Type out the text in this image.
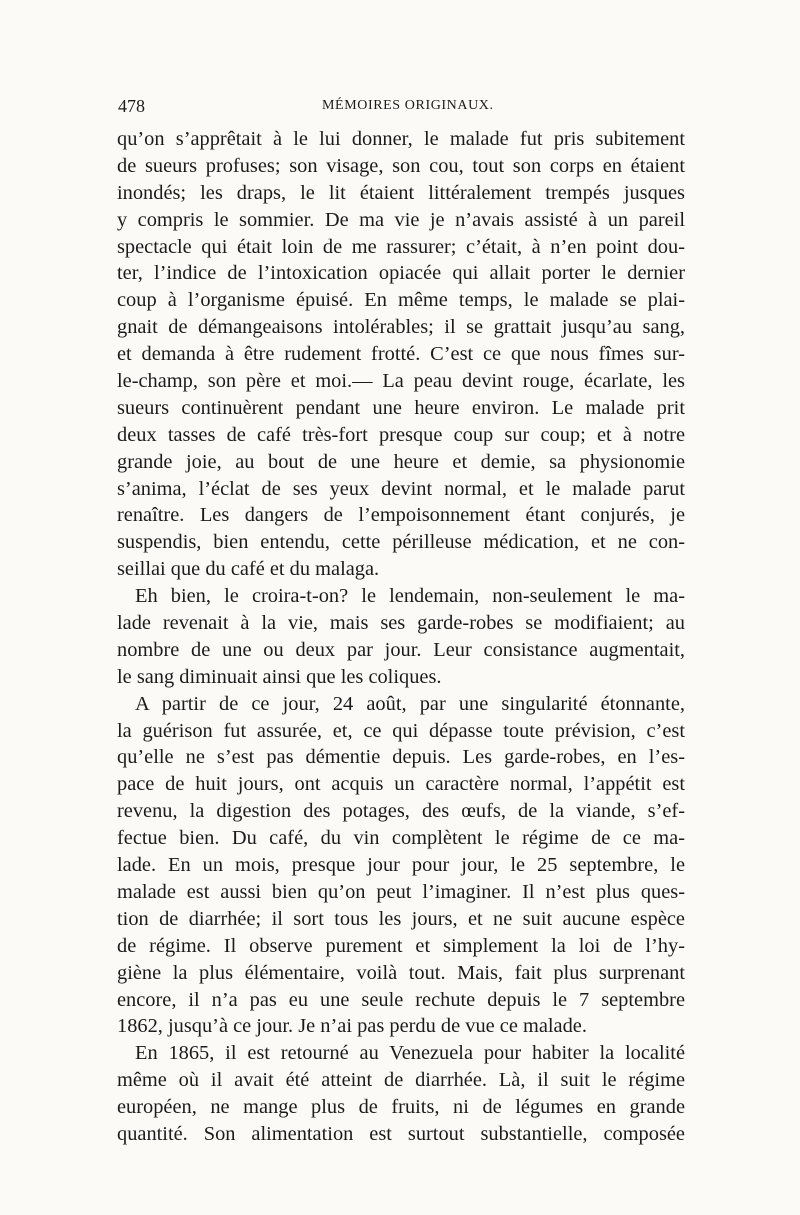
478	MÉMOIRES ORIGINAUX.
qu’on s’apprêtait à le lui donner, le malade fut pris subitement
de sueurs profuses; son visage, son cou, tout son corps en étaient
inondés; les draps, le lit étaient littéralement trempés jusques
y compris le sommier. De ma vie je n’avais assisté à un pareil
spectacle qui était loin de me rassurer; c’était, à n’en point dou-
ter, l’indice de l’intoxication opiacée qui allait porter le dernier
coup à l’organisme épuisé. En même temps, le malade se plai-
gnait de démangeaisons intolérables; il se grattait jusqu’au sang,
et demanda à être rudement frotté. C’est ce que nous fîmes sur-
le-champ, son père et moi.— La peau devint rouge, écarlate, les
sueurs continuèrent pendant une heure environ. Le malade prit
deux tasses de café très-fort presque coup sur coup; et à notre
grande joie, au bout de une heure et demie, sa physionomie
s’anima, l’éclat de ses yeux devint normal, et le malade parut
renaître. Les dangers de l’empoisonnement étant conjurés, je
suspendis, bien entendu, cette périlleuse médication, et ne con-
seillai que du café et du malaga.
Eh bien, le croira-t-on? le lendemain, non-seulement le ma-
lade revenait à la vie, mais ses garde-robes se modifiaient; au
nombre de une ou deux par jour. Leur consistance augmentait,
le sang diminuait ainsi que les coliques.
A partir de ce jour, 24 août, par une singularité étonnante,
la guérison fut assurée, et, ce qui dépasse toute prévision, c’est
qu’elle ne s’est pas démentie depuis. Les garde-robes, en l’es-
pace de huit jours, ont acquis un caractère normal, l’appétit est
revenu, la digestion des potages, des œufs, de la viande, s’ef-
fectue bien. Du café, du vin complètent le régime de ce ma-
lade. En un mois, presque jour pour jour, le 25 septembre, le
malade est aussi bien qu’on peut l’imaginer. Il n’est plus ques-
tion de diarrhée; il sort tous les jours, et ne suit aucune espèce
de régime. Il observe purement et simplement la loi de l’hy-
giène la plus élémentaire, voilà tout. Mais, fait plus surprenant
encore, il n’a pas eu une seule rechute depuis le 7 septembre
1862, jusqu’à ce jour. Je n’ai pas perdu de vue ce malade.
En 1865, il est retourné au Venezuela pour habiter la localité
même où il avait été atteint de diarrhée. Là, il suit le régime
européen, ne mange plus de fruits, ni de légumes en grande
quantité. Son alimentation est surtout substantielle, composée
